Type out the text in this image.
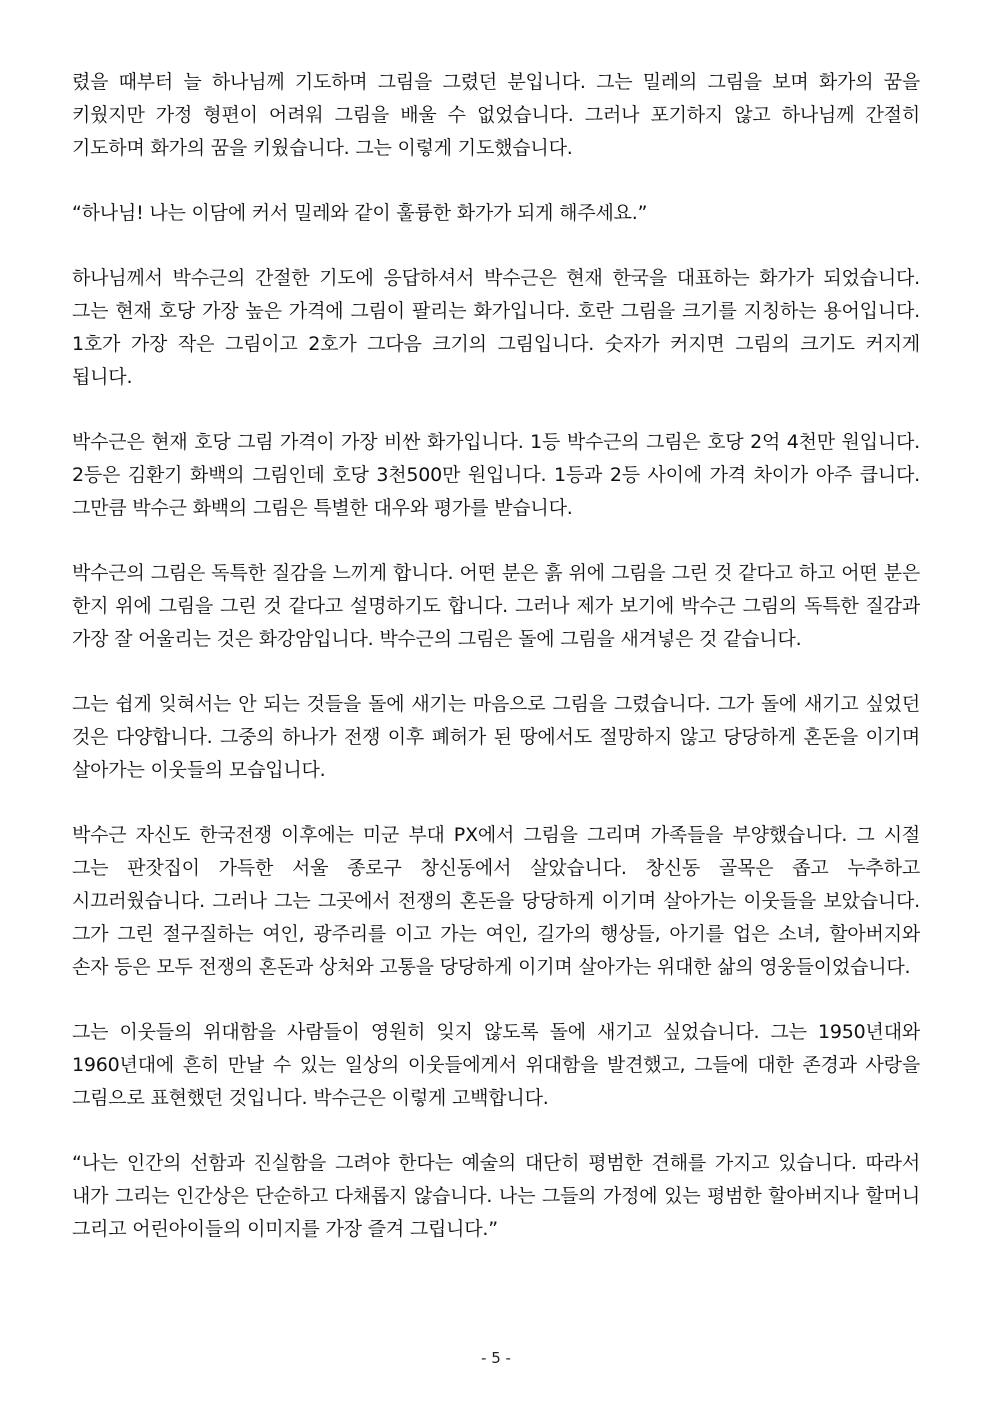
렸을 때부터 늘 하나님께 기도하며 그림을 그렸던 분입니다. 그는 밀레의 그림을 보며 화가의 꿈을 키웠지만 가정 형편이 어려워 그림을 배울 수 없었습니다. 그러나 포기하지 않고 하나님께 간절히 기도하며 화가의 꿈을 키웠습니다. 그는 이렇게 기도했습니다.

“하나님! 나는 이담에 커서 밀레와 같이 훌륭한 화가가 되게 해주세요.”

하나님께서 박수근의 간절한 기도에 응답하셔서 박수근은 현재 한국을 대표하는 화가가 되었습니다. 그는 현재 호당 가장 높은 가격에 그림이 팔리는 화가입니다. 호란 그림을 크기를 지칭하는 용어입니다. 1호가 가장 작은 그림이고 2호가 그다음 크기의 그림입니다. 숫자가 커지면 그림의 크기도 커지게 됩니다.

박수근은 현재 호당 그림 가격이 가장 비싼 화가입니다. 1등 박수근의 그림은 호당 2억 4천만 원입니다. 2등은 김환기 화백의 그림인데 호당 3천500만 원입니다. 1등과 2등 사이에 가격 차이가 아주 큽니다. 그만큼 박수근 화백의 그림은 특별한 대우와 평가를 받습니다.

박수근의 그림은 독특한 질감을 느끼게 합니다. 어떤 분은 흙 위에 그림을 그린 것 같다고 하고 어떤 분은 한지 위에 그림을 그린 것 같다고 설명하기도 합니다. 그러나 제가 보기에 박수근 그림의 독특한 질감과 가장 잘 어울리는 것은 화강암입니다. 박수근의 그림은 돌에 그림을 새겨넣은 것 같습니다.

그는 쉽게 잊혀서는 안 되는 것들을 돌에 새기는 마음으로 그림을 그렸습니다. 그가 돌에 새기고 싶었던 것은 다양합니다. 그중의 하나가 전쟁 이후 폐허가 된 땅에서도 절망하지 않고 당당하게 혼돈을 이기며 살아가는 이웃들의 모습입니다.

박수근 자신도 한국전쟁 이후에는 미군 부대 PX에서 그림을 그리며 가족들을 부양했습니다. 그 시절 그는 판잣집이 가득한 서울 종로구 창신동에서 살았습니다. 창신동 골목은 좁고 누추하고 시끄러웠습니다. 그러나 그는 그곳에서 전쟁의 혼돈을 당당하게 이기며 살아가는 이웃들을 보았습니다. 그가 그린 절구질하는 여인, 광주리를 이고 가는 여인, 길가의 행상들, 아기를 업은 소녀, 할아버지와 손자 등은 모두 전쟁의 혼돈과 상처와 고통을 당당하게 이기며 살아가는 위대한 삶의 영웅들이었습니다.

그는 이웃들의 위대함을 사람들이 영원히 잊지 않도록 돌에 새기고 싶었습니다. 그는 1950년대와 1960년대에 흔히 만날 수 있는 일상의 이웃들에게서 위대함을 발견했고, 그들에 대한 존경과 사랑을 그림으로 표현했던 것입니다. 박수근은 이렇게 고백합니다.

“나는 인간의 선함과 진실함을 그려야 한다는 예술의 대단히 평범한 견해를 가지고 있습니다. 따라서 내가 그리는 인간상은 단순하고 다채롭지 않습니다. 나는 그들의 가정에 있는 평범한 할아버지나 할머니 그리고 어린아이들의 이미지를 가장 즐겨 그립니다.”

- 5 -
